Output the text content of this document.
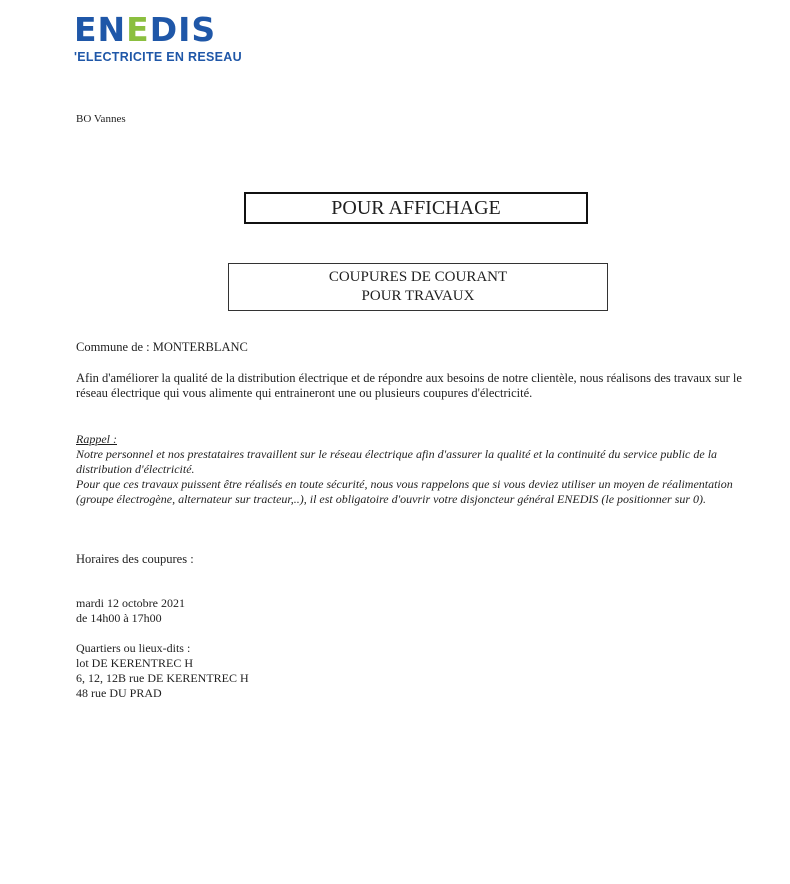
ENEDIS
'ELECTRICITE EN RESEAU
BO Vannes
POUR AFFICHAGE
COUPURES DE COURANT
POUR TRAVAUX
Commune de : MONTERBLANC
Afin d'améliorer la qualité de la distribution électrique et de répondre aux besoins de notre clientèle, nous réalisons des travaux sur le réseau électrique qui vous alimente qui entraineront une ou plusieurs coupures d'électricité.
Rappel :
Notre personnel et nos prestataires travaillent sur le réseau électrique afin d'assurer la qualité et la continuité du service public de la distribution d'électricité.
Pour que ces travaux puissent être réalisés en toute sécurité, nous vous rappelons que si vous deviez utiliser un moyen de réalimentation (groupe électrogène, alternateur sur tracteur,..), il est obligatoire d'ouvrir votre disjoncteur général ENEDIS (le positionner sur 0).
Horaires des coupures :
mardi 12 octobre 2021
de 14h00 à 17h00
Quartiers ou lieux-dits :
lot DE KERENTREC H
6, 12, 12B rue DE KERENTREC H
48 rue DU PRAD
